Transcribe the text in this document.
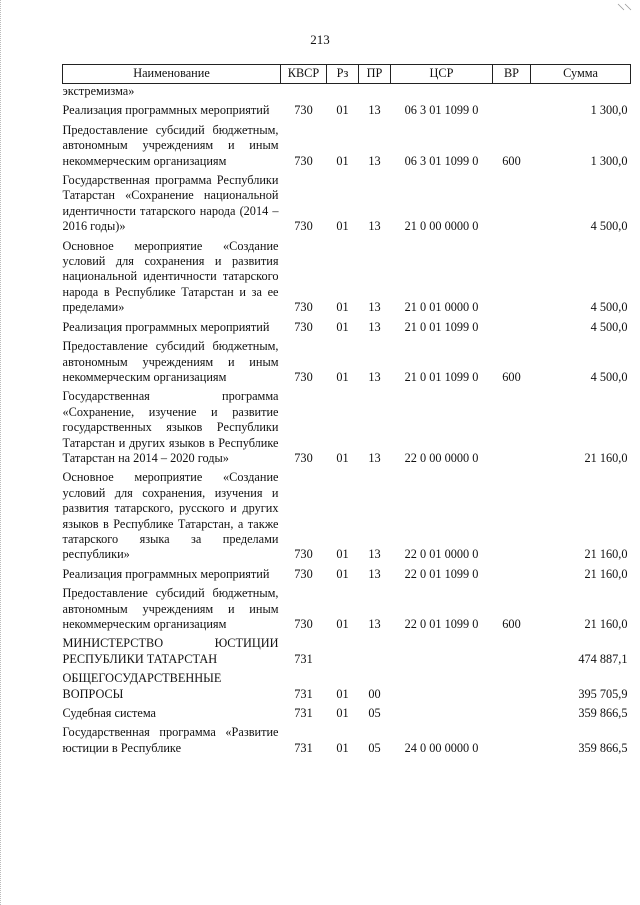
213
Наименование	КВСР	Рз	ПР	ЦСР	ВР	Сумма
экстремизма»						
Реализация программных мероприятий	730	01	13	06 3 01 1099 0		1 300,0
Предоставление субсидий бюджетным, автономным учреждениям и иным некоммерческим организациям	730	01	13	06 3 01 1099 0	600	1 300,0
Государственная программа Республики Татарстан «Сохранение национальной идентичности татарского народа (2014 – 2016 годы)»	730	01	13	21 0 00 0000 0		4 500,0
Основное мероприятие «Создание условий для сохранения и развития национальной идентичности татарского народа в Республике Татарстан и за ее пределами»	730	01	13	21 0 01 0000 0		4 500,0
Реализация программных мероприятий	730	01	13	21 0 01 1099 0		4 500,0
Предоставление субсидий бюджетным, автономным учреждениям и иным некоммерческим организациям	730	01	13	21 0 01 1099 0	600	4 500,0
Государственная программа «Сохранение, изучение и развитие государственных языков Республики Татарстан и других языков в Республике Татарстан на 2014 – 2020 годы»	730	01	13	22 0 00 0000 0		21 160,0
Основное мероприятие «Создание условий для сохранения, изучения и развития татарского, русского и других языков в Республике Татарстан, а также татарского языка за пределами республики»	730	01	13	22 0 01 0000 0		21 160,0
Реализация программных мероприятий	730	01	13	22 0 01 1099 0		21 160,0
Предоставление субсидий бюджетным, автономным учреждениям и иным некоммерческим организациям	730	01	13	22 0 01 1099 0	600	21 160,0
МИНИСТЕРСТВО ЮСТИЦИИ РЕСПУБЛИКИ ТАТАРСТАН	731					474 887,1
ОБЩЕГОСУДАРСТВЕННЫЕ ВОПРОСЫ	731	01	00			395 705,9
Судебная система	731	01	05			359 866,5
Государственная программа «Развитие юстиции в Республике	731	01	05	24 0 00 0000 0		359 866,5
